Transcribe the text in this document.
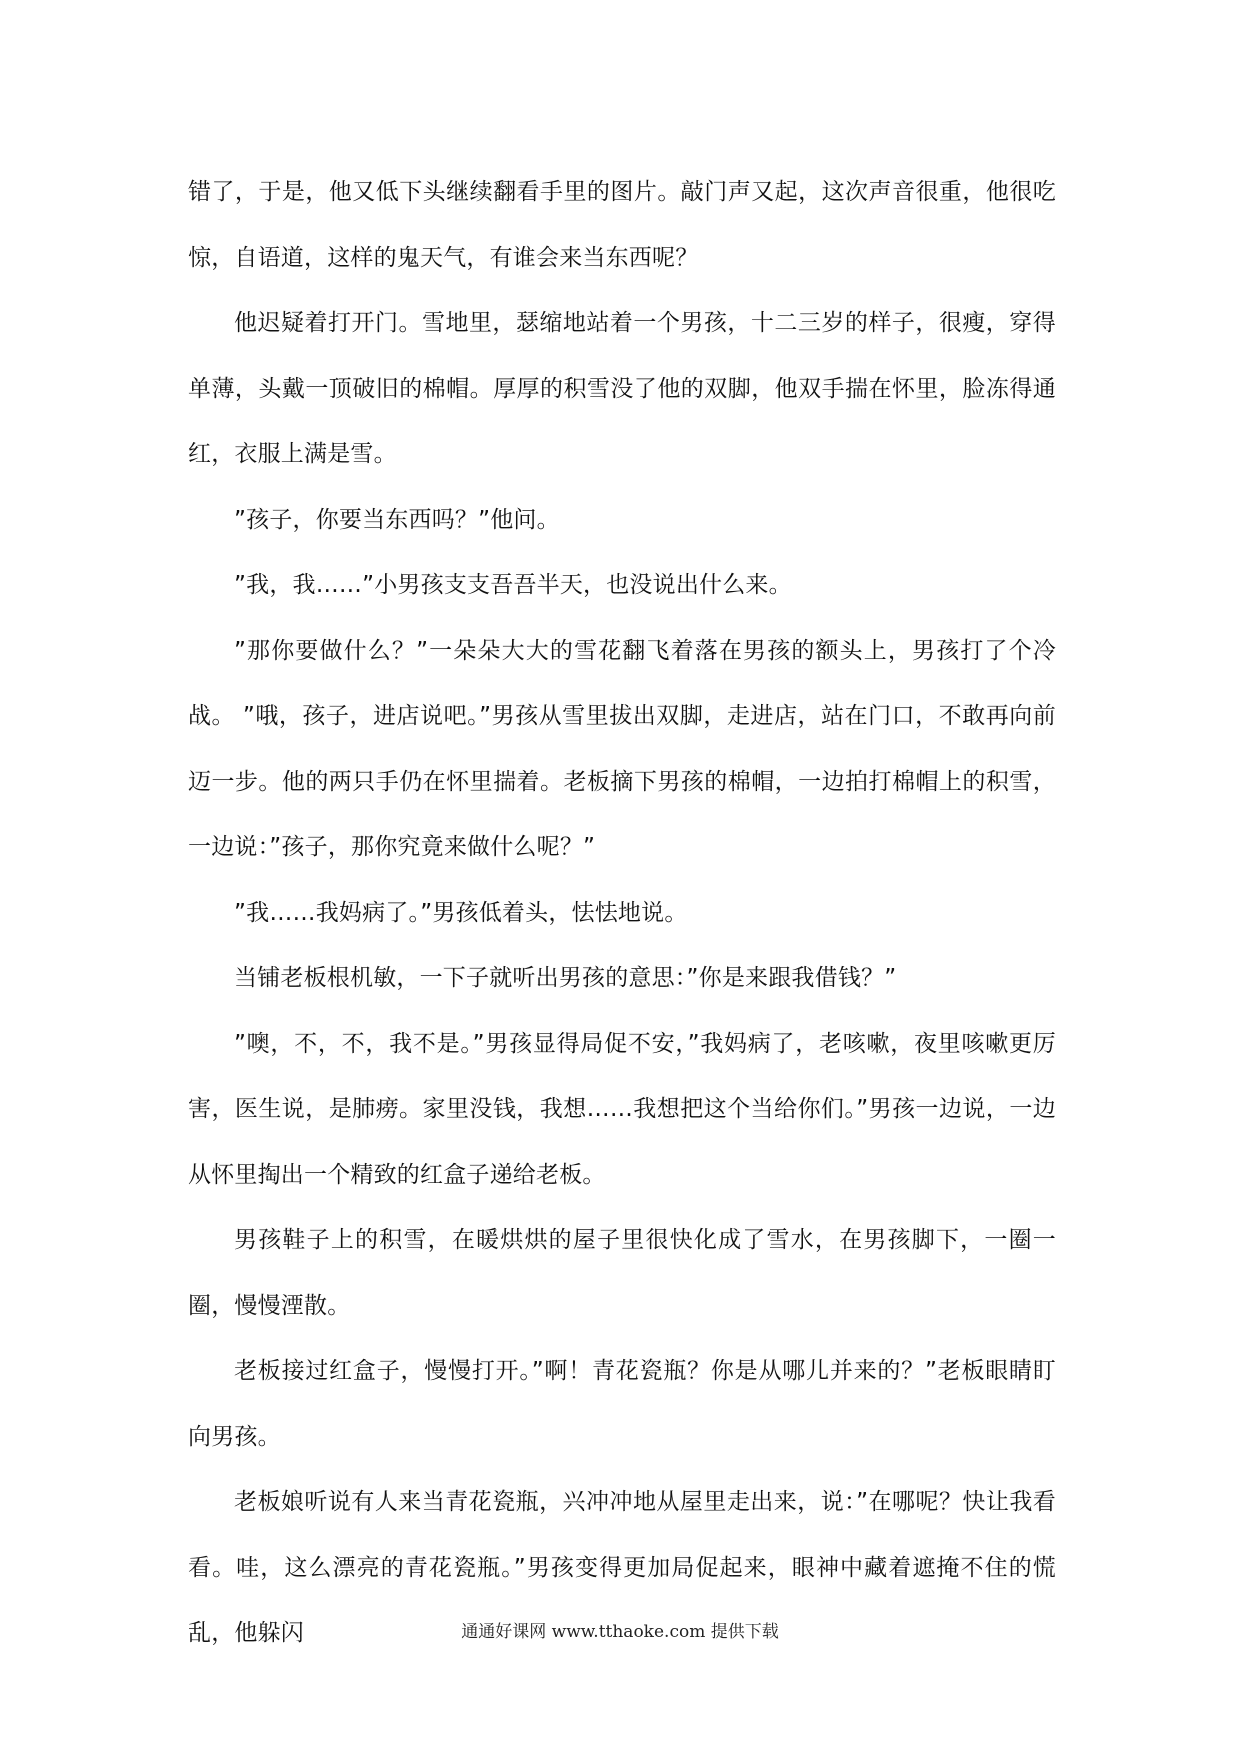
错了，于是，他又低下头继续翻看手里的图片。敲门声又起，这次声音很重，他很吃惊，自语道，这样的鬼天气，有谁会来当东西呢？

他迟疑着打开门。雪地里，瑟缩地站着一个男孩，十二三岁的样子，很瘦，穿得单薄，头戴一顶破旧的棉帽。厚厚的积雪没了他的双脚，他双手揣在怀里，脸冻得通红，衣服上满是雪。

”孩子，你要当东西吗？”他问。

”我，我……”小男孩支支吾吾半天，也没说出什么来。

”那你要做什么？”一朵朵大大的雪花翻飞着落在男孩的额头上，男孩打了个冷战。 ”哦，孩子，进店说吧。”男孩从雪里拔出双脚，走进店，站在门口，不敢再向前迈一步。他的两只手仍在怀里揣着。老板摘下男孩的棉帽，一边拍打棉帽上的积雪，一边说：”孩子，那你究竟来做什么呢？”

”我……我妈病了。”男孩低着头，怯怯地说。

当铺老板根机敏，一下子就听出男孩的意思：”你是来跟我借钱？”

”噢，不，不，我不是。”男孩显得局促不安，”我妈病了，老咳嗽，夜里咳嗽更厉害，医生说，是肺痨。家里没钱，我想……我想把这个当给你们。”男孩一边说，一边从怀里掏出一个精致的红盒子递给老板。

男孩鞋子上的积雪，在暖烘烘的屋子里很快化成了雪水，在男孩脚下，一圈一圈，慢慢湮散。

老板接过红盒子，慢慢打开。”啊！青花瓷瓶？你是从哪儿并来的？”老板眼睛盯向男孩。

老板娘听说有人来当青花瓷瓶，兴冲冲地从屋里走出来，说：”在哪呢？快让我看看。哇，这么漂亮的青花瓷瓶。”男孩变得更加局促起来，眼神中藏着遮掩不住的慌乱，他躲闪	通通好课网 www.tthaoke.com 提供下载
